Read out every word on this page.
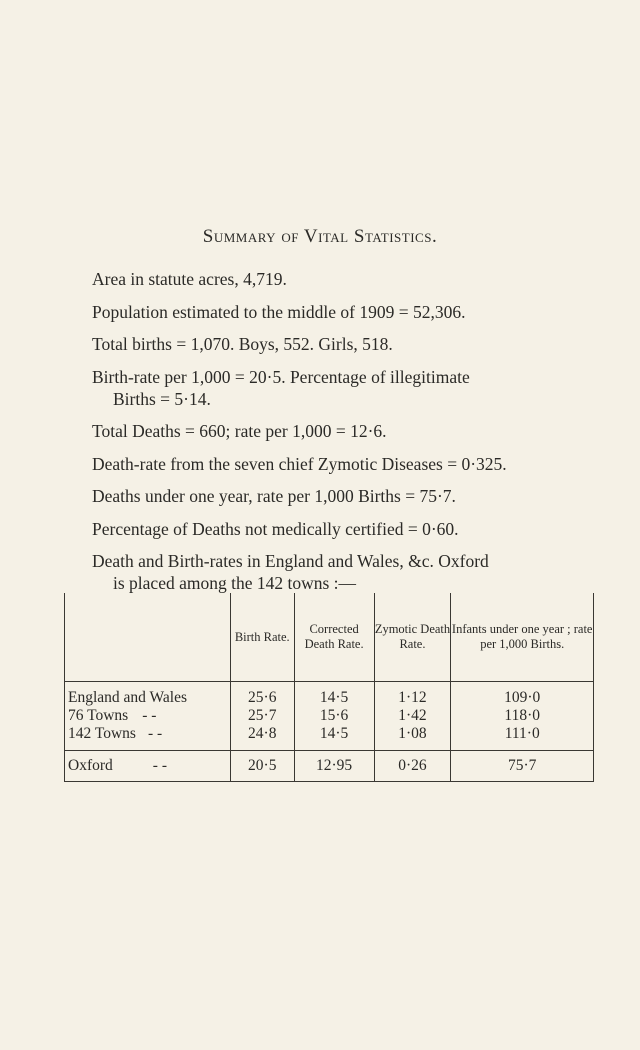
Summary of Vital Statistics.
Area in statute acres, 4,719.
Population estimated to the middle of 1909 = 52,306.
Total births = 1,070. Boys, 552. Girls, 518.
Birth-rate per 1,000 = 20·5. Percentage of illegitimate
Births = 5·14.
Total Deaths = 660; rate per 1,000 = 12·6.
Death-rate from the seven chief Zymotic Diseases = 0·325.
Deaths under one year, rate per 1,000 Births = 75·7.
Percentage of Deaths not medically certified = 0·60.
Death and Birth-rates in England and Wales, &c. Oxford
is placed among the 142 towns :—
	Birth Rate.	Corrected Death Rate.	Zymotic Death Rate.	Infants under one year ; rate per 1,000 Births.
England and Wales	25·6	14·5	1·12	109·0
76 Towns - -	25·7	15·6	1·42	118·0
142 Towns - -	24·8	14·5	1·08	111·0
Oxford - -	20·5	12·95	0·26	75·7
